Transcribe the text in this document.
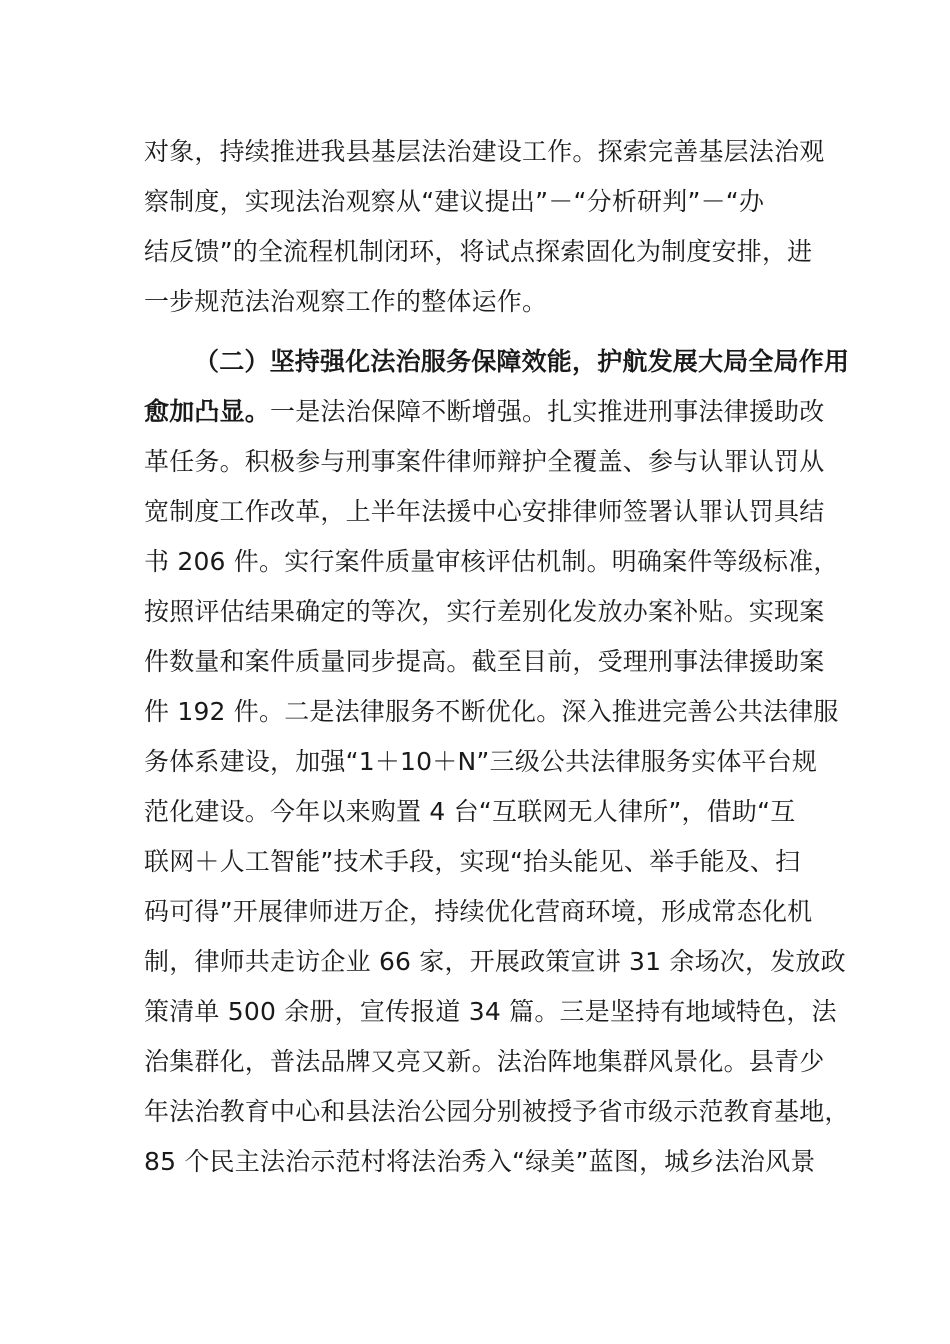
对象，持续推进我县基层法治建设工作。探索完善基层法治观
察制度，实现法治观察从“建议提出”－“分析研判”－“办
结反馈”的全流程机制闭环，将试点探索固化为制度安排，进
一步规范法治观察工作的整体运作。
（二）坚持强化法治服务保障效能，护航发展大局全局作用
愈加凸显。一是法治保障不断增强。扎实推进刑事法律援助改
革任务。积极参与刑事案件律师辩护全覆盖、参与认罪认罚从
宽制度工作改革，上半年法援中心安排律师签署认罪认罚具结
书 206 件。实行案件质量审核评估机制。明确案件等级标准，
按照评估结果确定的等次，实行差别化发放办案补贴。实现案
件数量和案件质量同步提高。截至目前，受理刑事法律援助案
件 192 件。二是法律服务不断优化。深入推进完善公共法律服
务体系建设，加强“1＋10＋N”三级公共法律服务实体平台规
范化建设。今年以来购置 4 台“互联网无人律所”，借助“互
联网＋人工智能”技术手段，实现“抬头能见、举手能及、扫
码可得”开展律师进万企，持续优化营商环境，形成常态化机
制，律师共走访企业 66 家，开展政策宣讲 31 余场次，发放政
策清单 500 余册，宣传报道 34 篇。三是坚持有地域特色，法
治集群化，普法品牌又亮又新。法治阵地集群风景化。县青少
年法治教育中心和县法治公园分别被授予省市级示范教育基地，
85 个民主法治示范村将法治秀入“绿美”蓝图，城乡法治风景
